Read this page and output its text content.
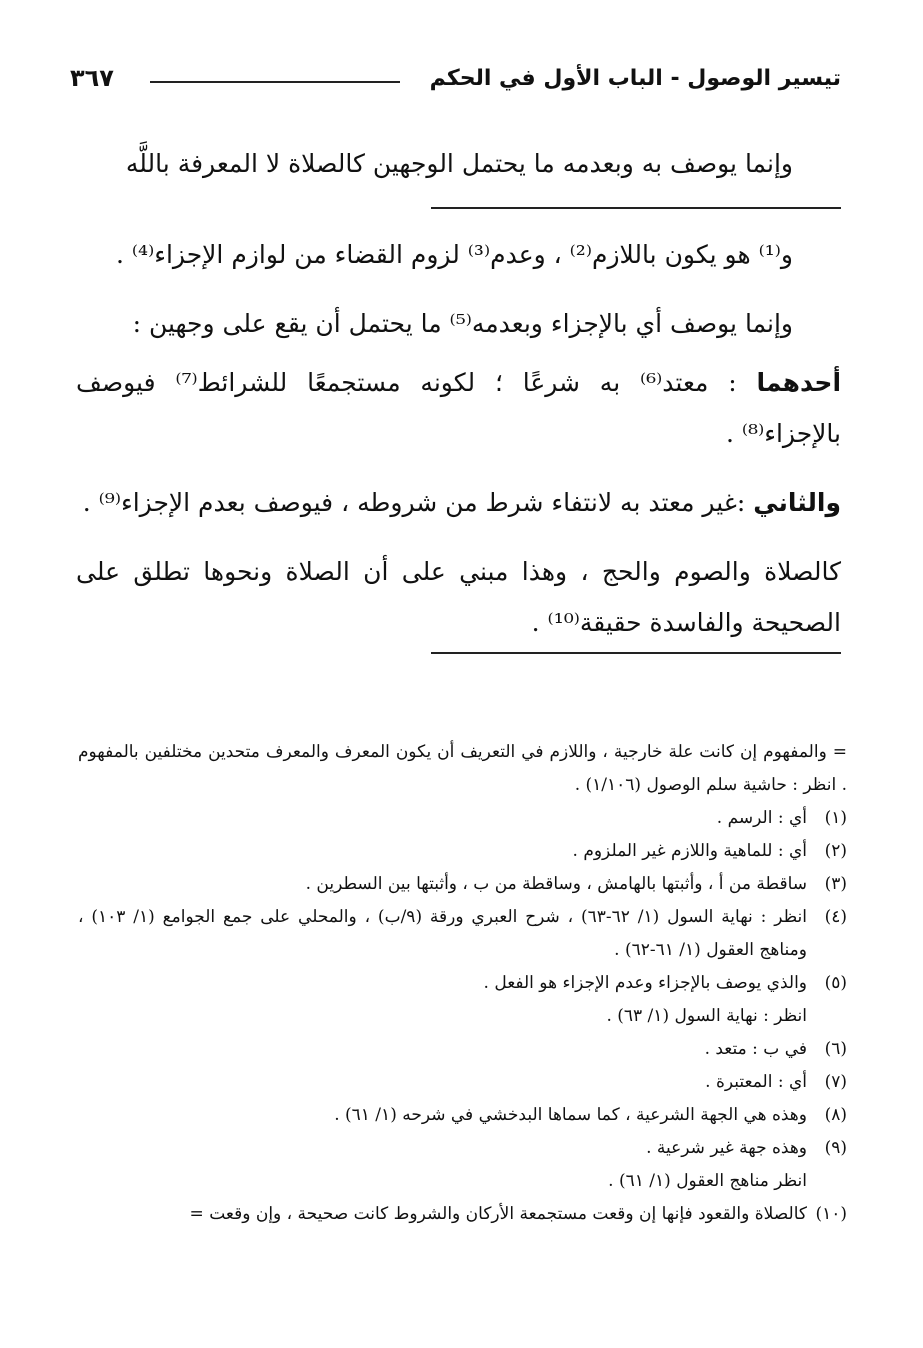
تيسير الوصول - الباب الأول في الحكم
٣٦٧

وإنما يوصف به وبعدمه ما يحتمل الوجهين كالصلاة لا المعرفة باللَّه

و⁽¹⁾ هو يكون باللازم⁽²⁾ ، وعدم⁽³⁾ لزوم القضاء من لوازم الإجزاء⁽⁴⁾ .

وإنما يوصف أي بالإجزاء وبعدمه⁽⁵⁾ ما يحتمل أن يقع على وجهين :

أحدهما : معتد⁽⁶⁾ به شرعًا ؛ لكونه مستجمعًا للشرائط⁽⁷⁾ فيوصف بالإجزاء⁽⁸⁾ .

والثاني :غير معتد به لانتفاء شرط من شروطه ، فيوصف بعدم الإجزاء⁽⁹⁾ .

كالصلاة والصوم والحج ، وهذا مبني على أن الصلاة ونحوها تطلق على الصحيحة والفاسدة حقيقة⁽¹⁰⁾ .

= والمفهوم إن كانت علة خارجية ، واللازم في التعريف أن يكون المعرف والمعرف متحدين مختلفين بالمفهوم . انظر : حاشية سلم الوصول (١/١٠٦) .

(١)
أي : الرسم .
(٢)
أي : للماهية واللازم غير الملزوم .
(٣)
ساقطة من أ ، وأثبتها بالهامش ، وساقطة من ب ، وأثبتها بين السطرين .
(٤)
انظر : نهاية السول (١/ ٦٢-٦٣) ، شرح العبري ورقة (٩/ب) ، والمحلي على جمع الجوامع (١/ ١٠٣) ، ومناهج العقول (١/ ٦١-٦٢) .
(٥)
والذي يوصف بالإجزاء وعدم الإجزاء هو الفعل .
انظر : نهاية السول (١/ ٦٣) .
(٦)
في ب : متعد .
(٧)
أي : المعتبرة .
(٨)
وهذه هي الجهة الشرعية ، كما سماها البدخشي في شرحه (١/ ٦١) .
(٩)
وهذه جهة غير شرعية .
انظر مناهج العقول (١/ ٦١) .
(١٠)
كالصلاة والقعود فإنها إن وقعت مستجمعة الأركان والشروط كانت صحيحة ، وإن وقعت =
